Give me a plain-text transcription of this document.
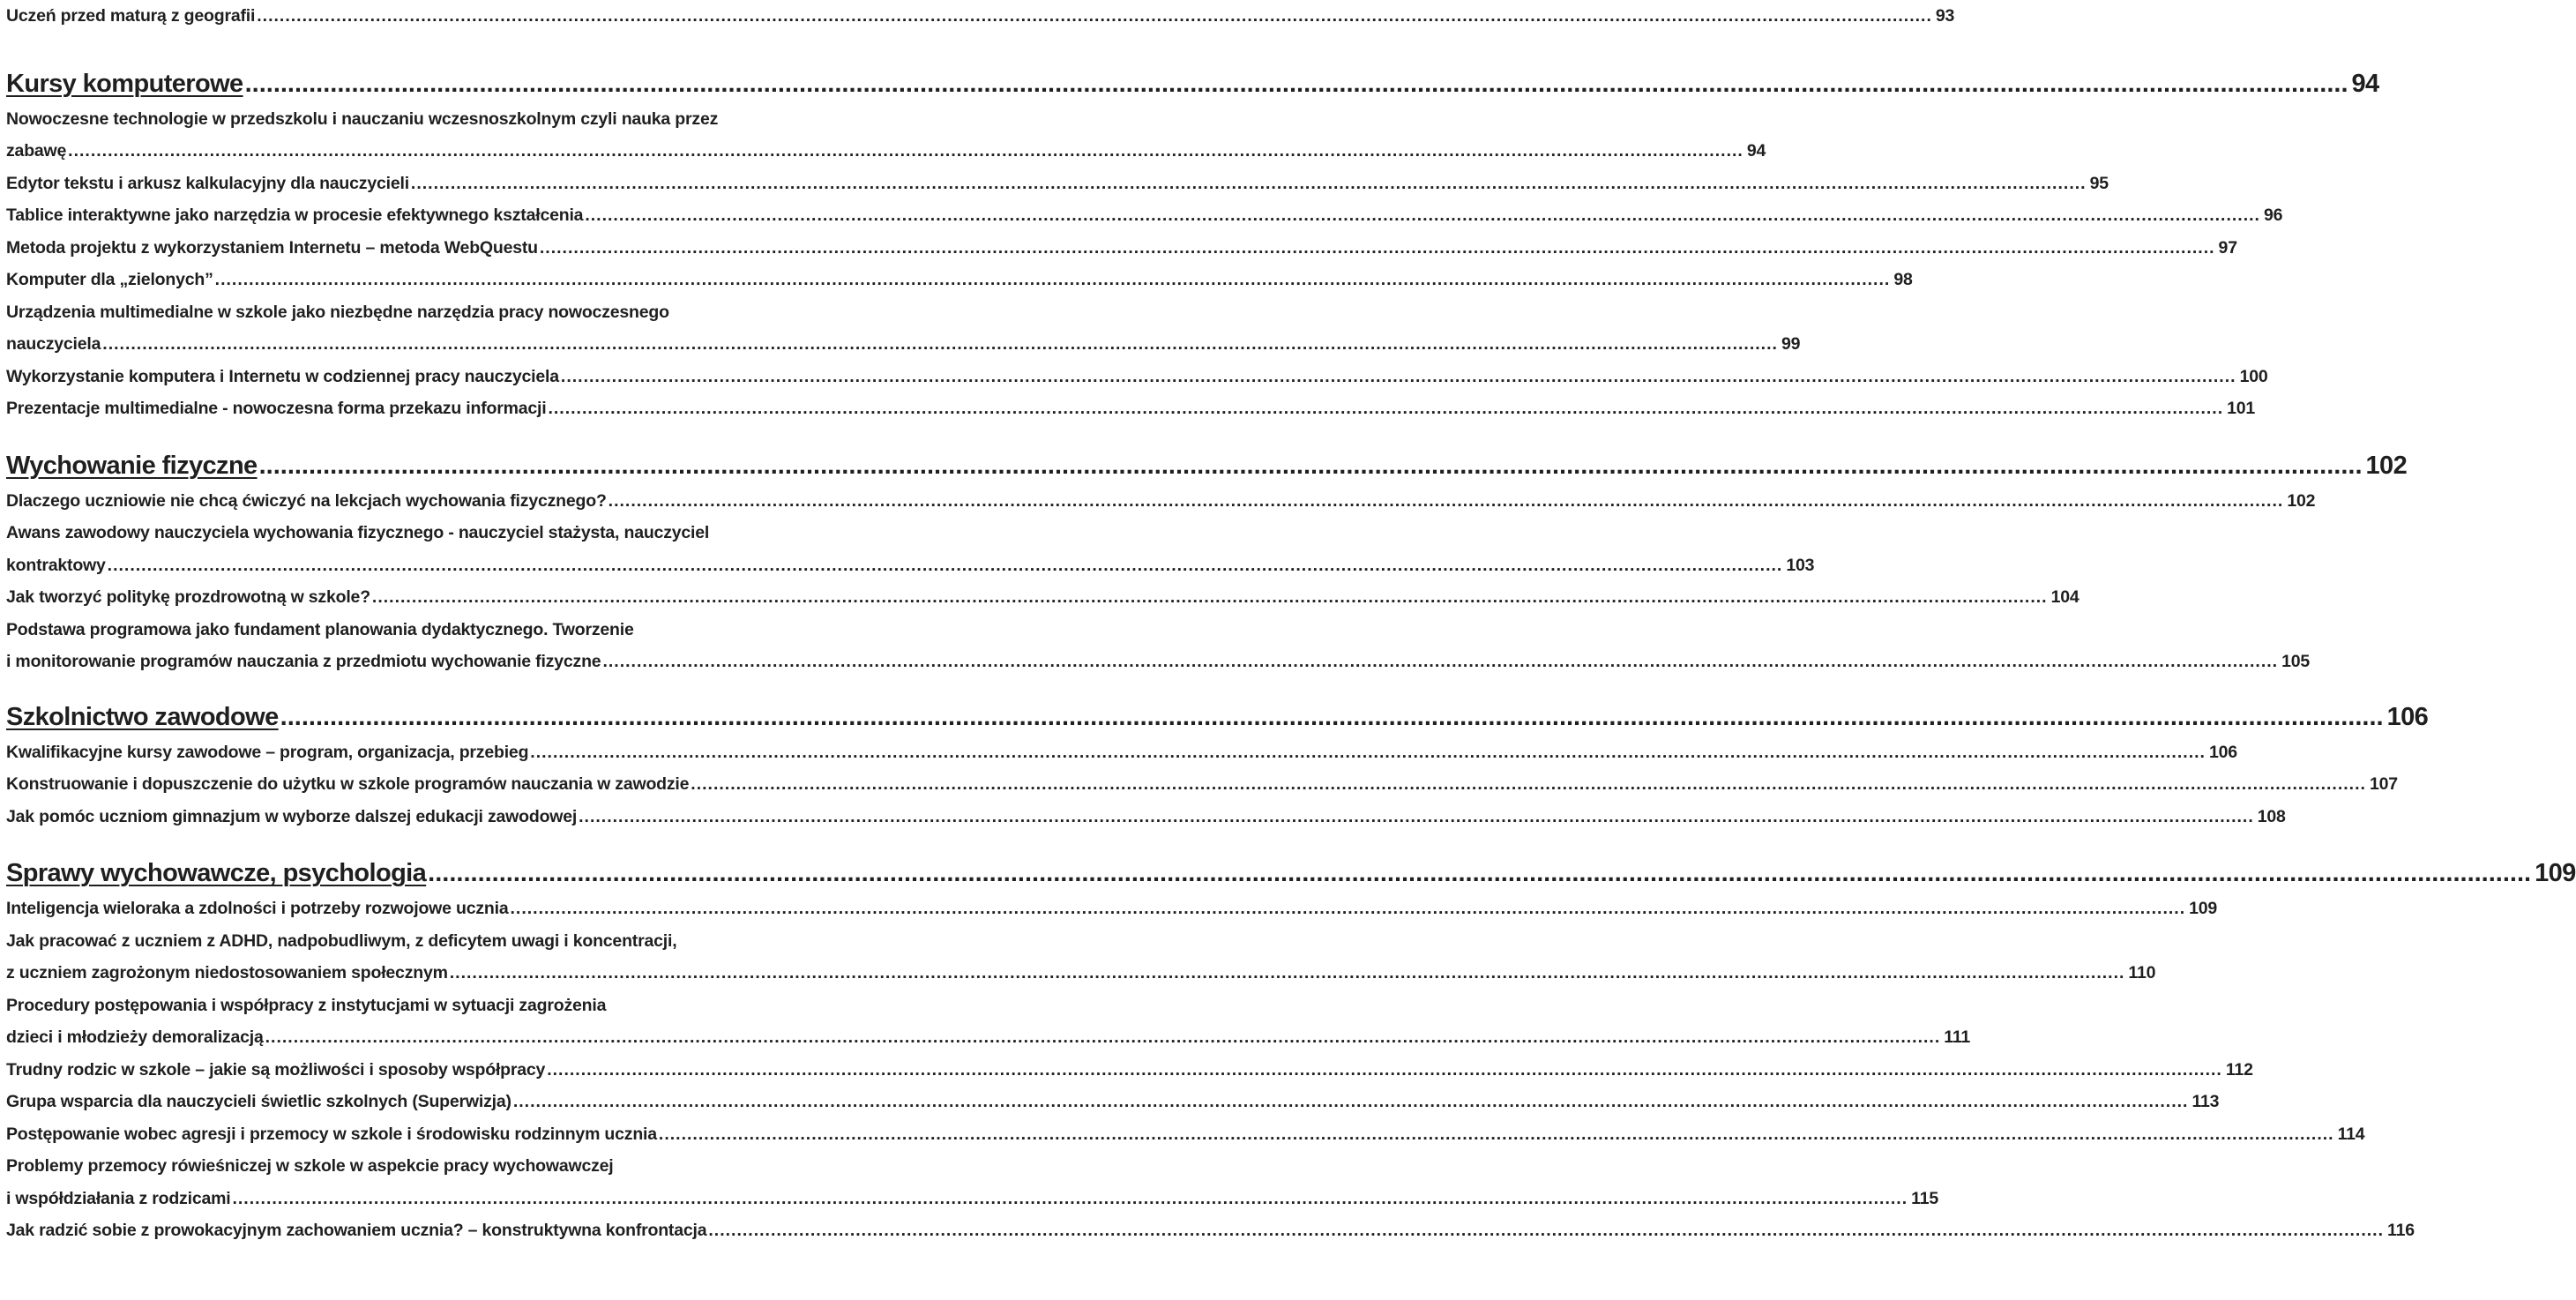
Uczeń przed maturą z geografii .....	93
Kursy komputerowe .....	94
Nowoczesne technologie w przedszkolu i nauczaniu wczesnoszkolnym czyli nauka przez
zabawę .....	94
Edytor tekstu i arkusz kalkulacyjny dla nauczycieli .....	95
Tablice interaktywne jako narzędzia w procesie efektywnego kształcenia .....	96
Metoda projektu z wykorzystaniem Internetu – metoda WebQuestu .....	97
Komputer dla „zielonych” .....	98
Urządzenia multimedialne w szkole jako niezbędne narzędzia pracy nowoczesnego
nauczyciela .....	99
Wykorzystanie komputera i Internetu w codziennej pracy nauczyciela .....	100
Prezentacje multimedialne - nowoczesna forma przekazu informacji .....	101
Wychowanie fizyczne .....	102
Dlaczego uczniowie nie chcą ćwiczyć na lekcjach wychowania fizycznego? .....	102
Awans zawodowy nauczyciela wychowania fizycznego - nauczyciel stażysta, nauczyciel
kontraktowy .....	103
Jak tworzyć politykę prozdrowotną w szkole? .....	104
Podstawa programowa jako fundament planowania dydaktycznego. Tworzenie
i monitorowanie programów nauczania z przedmiotu wychowanie fizyczne .....	105
Szkolnictwo zawodowe .....	106
Kwalifikacyjne kursy zawodowe – program, organizacja, przebieg .....	106
Konstruowanie i dopuszczenie do użytku w szkole programów nauczania w zawodzie .....	107
Jak pomóc uczniom gimnazjum w wyborze dalszej edukacji zawodowej .....	108
Sprawy wychowawcze, psychologia .....	109
Inteligencja wieloraka a zdolności i potrzeby rozwojowe ucznia .....	109
Jak pracować z uczniem z ADHD, nadpobudliwym, z deficytem uwagi i koncentracji,
z uczniem zagrożonym niedostosowaniem społecznym .....	110
Procedury postępowania i współpracy z instytucjami w sytuacji zagrożenia
dzieci i młodzieży demoralizacją .....	111
Trudny rodzic w szkole – jakie są możliwości i sposoby współpracy .....	112
Grupa wsparcia dla nauczycieli świetlic szkolnych (Superwizja) .....	113
Postępowanie wobec agresji i przemocy w szkole i środowisku rodzinnym ucznia .....	114
Problemy przemocy rówieśniczej w szkole w aspekcie pracy wychowawczej
i współdziałania z rodzicami .....	115
Jak radzić sobie z prowokacyjnym zachowaniem ucznia? – konstruktywna konfrontacja .....	116
